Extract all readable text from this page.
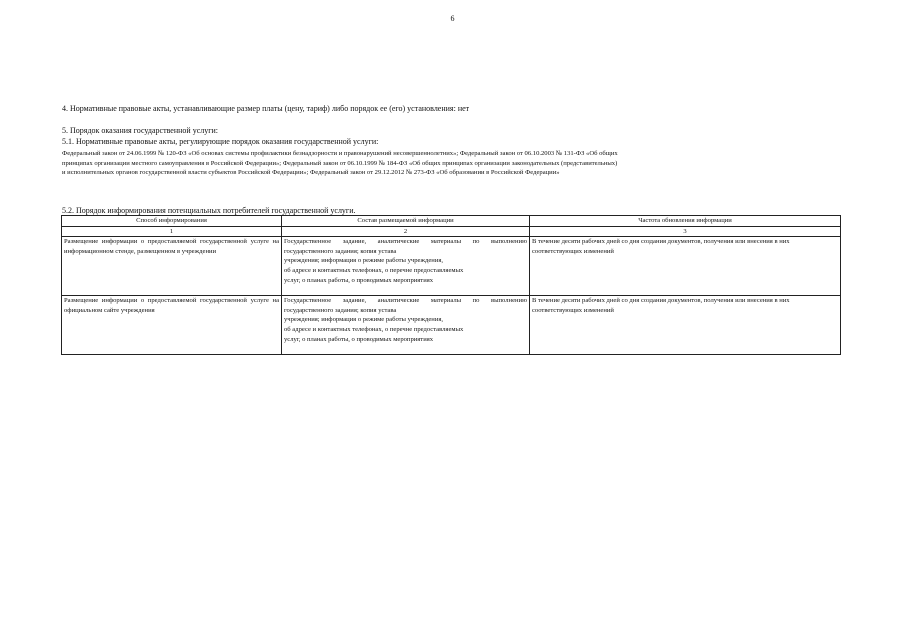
6
4. Нормативные правовые акты, устанавливающие размер платы (цену, тариф) либо порядок ее (его) установления: нет
5. Порядок оказания государственной услуги:
5.1. Нормативные правовые акты, регулирующие порядок оказания государственной услуги:
Федеральный закон от 24.06.1999 № 120-ФЗ «Об основах системы профилактики безнадзорности и правонарушений несовершеннолетних»; Федеральный закон от 06.10.2003 № 131-ФЗ «Об общих
принципах организации местного самоуправления в Российской Федерации»; Федеральный закон от 06.10.1999 № 184-ФЗ «Об общих принципах организации законодательных (представительных)
и исполнительных органов государственной власти субъектов Российской Федерации»; Федеральный закон от 29.12.2012 № 273-ФЗ «Об образовании в Российской Федерации»
5.2. Порядок информирования потенциальных потребителей государственной услуги.
Способ информирования	Состав размещаемой информации	Частота обновления информации
1	2	3
Размещение информации о предоставляемой государственной услуге на информационном стенде, размещенном в учреждении	Государственное задание, аналитические материалы по выполнению государственного задания; копия устава
учреждения; информация о режиме работы учреждения,
об адресе и контактных телефонах, о перечне предоставляемых
услуг, о планах работы, о проводимых мероприятиях	В течение десяти рабочих дней со дня создания документов, получения или внесения в них соответствующих изменений
Размещение информации о предоставляемой государственной услуге на официальном сайте учреждения	Государственное задание, аналитические материалы по выполнению государственного задания; копия устава
учреждения; информация о режиме работы учреждения,
об адресе и контактных телефонах, о перечне предоставляемых
услуг, о планах работы, о проводимых мероприятиях	В течение десяти рабочих дней со дня создания документов, получения или внесения в них соответствующих изменений
